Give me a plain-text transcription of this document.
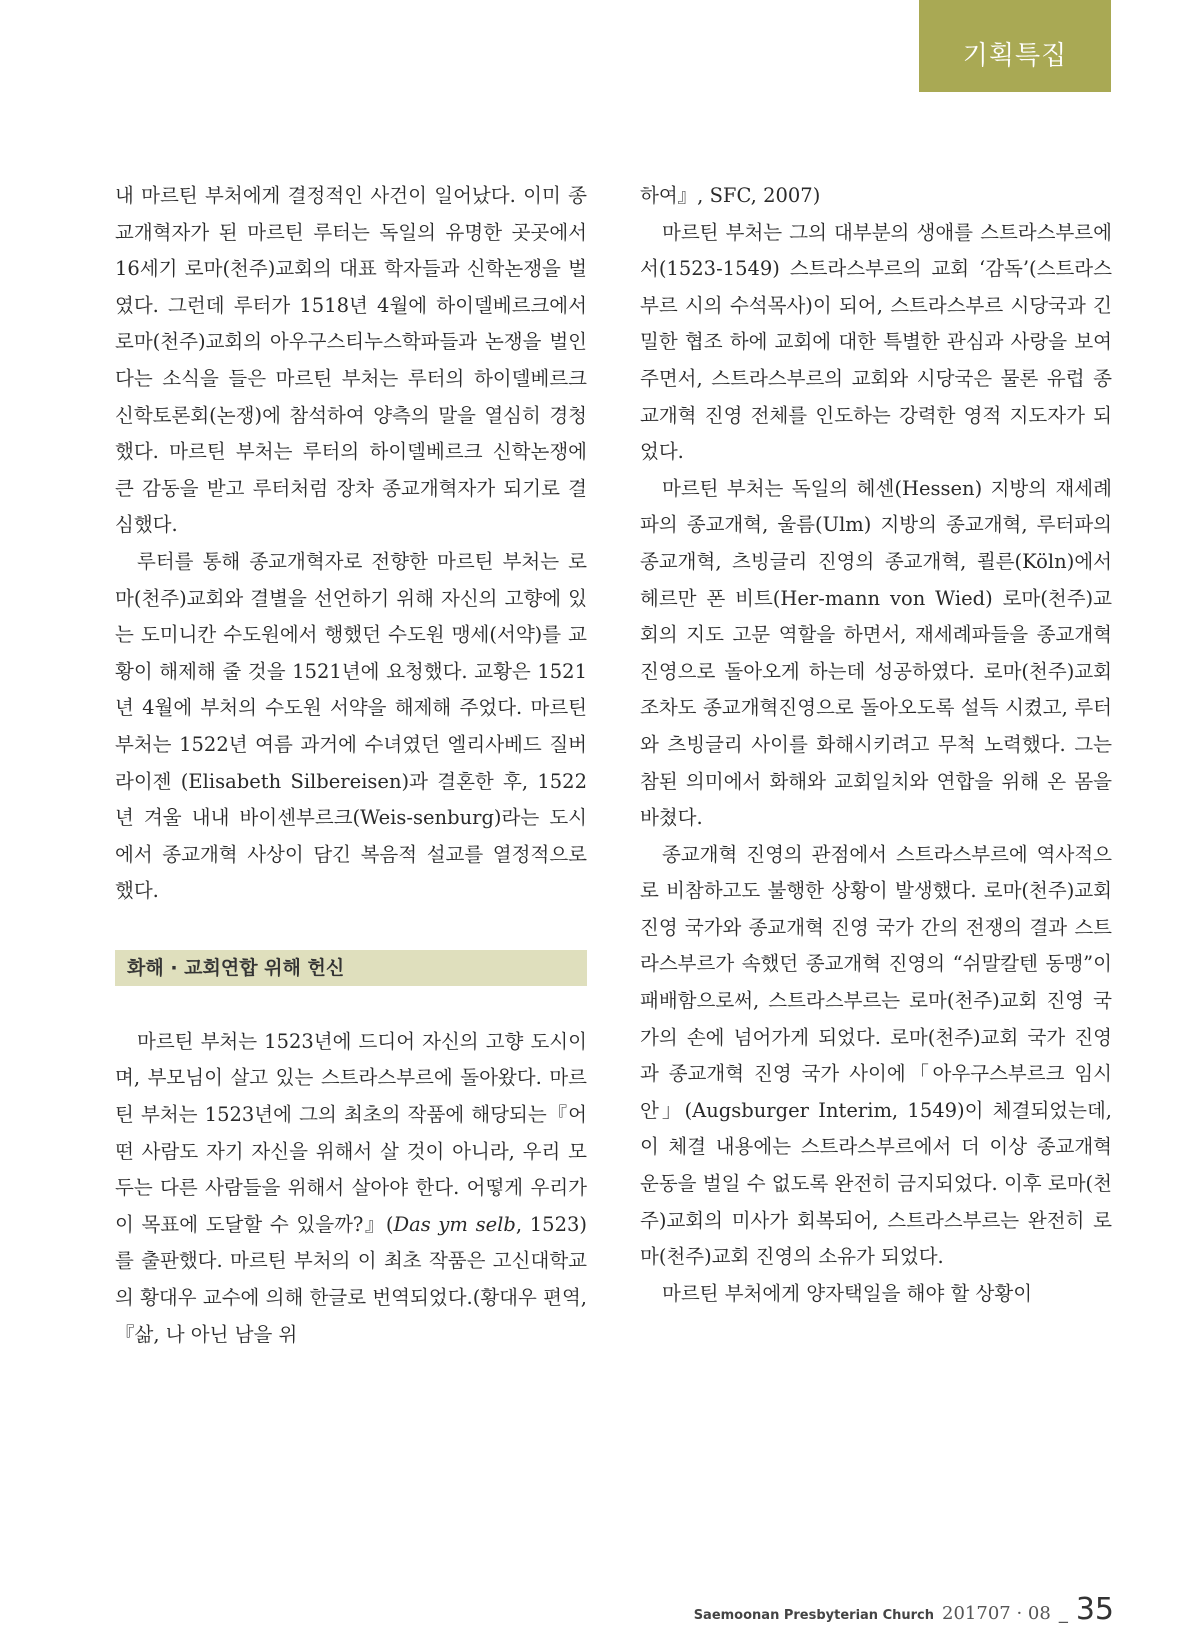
기획특집
내 마르틴 부처에게 결정적인 사건이 일어났다. 이미 종교개혁자가 된 마르틴 루터는 독일의 유명한 곳곳에서 16세기 로마(천주)교회의 대표 학자들과 신학논쟁을 벌였다. 그런데 루터가 1518년 4월에 하이델베르크에서 로마(천주)교회의 아우구스티누스학파들과 논쟁을 벌인다는 소식을 들은 마르틴 부처는 루터의 하이델베르크 신학토론회(논쟁)에 참석하여 양측의 말을 열심히 경청했다. 마르틴 부처는 루터의 하이델베르크 신학논쟁에 큰 감동을 받고 루터처럼 장차 종교개혁자가 되기로 결심했다.
루터를 통해 종교개혁자로 전향한 마르틴 부처는 로마(천주)교회와 결별을 선언하기 위해 자신의 고향에 있는 도미니칸 수도원에서 행했던 수도원 맹세(서약)를 교황이 해제해 줄 것을 1521년에 요청했다. 교황은 1521년 4월에 부처의 수도원 서약을 해제해 주었다. 마르틴 부처는 1522년 여름 과거에 수녀였던 엘리사베드 질버라이젠 (Elisabeth Silbereisen)과 결혼한 후, 1522년 겨울 내내 바이센부르크(Weis-senburg)라는 도시에서 종교개혁 사상이 담긴 복음적 설교를 열정적으로 했다.
화해 · 교회연합 위해 헌신
마르틴 부처는 1523년에 드디어 자신의 고향 도시이며, 부모님이 살고 있는 스트라스부르에 돌아왔다. 마르틴 부처는 1523년에 그의 최초의 작품에 해당되는『어떤 사람도 자기 자신을 위해서 살 것이 아니라, 우리 모두는 다른 사람들을 위해서 살아야 한다. 어떻게 우리가 이 목표에 도달할 수 있을까?』(Das ym selb, 1523)를 출판했다. 마르틴 부처의 이 최초 작품은 고신대학교의 황대우 교수에 의해 한글로 번역되었다.(황대우 편역,『삶, 나 아닌 남을 위
하여』, SFC, 2007)
마르틴 부처는 그의 대부분의 생애를 스트라스부르에서(1523-1549) 스트라스부르의 교회 ‘감독’(스트라스부르 시의 수석목사)이 되어, 스트라스부르 시당국과 긴밀한 협조 하에 교회에 대한 특별한 관심과 사랑을 보여 주면서, 스트라스부르의 교회와 시당국은 물론 유럽 종교개혁 진영 전체를 인도하는 강력한 영적 지도자가 되었다.
마르틴 부처는 독일의 헤센(Hessen) 지방의 재세례파의 종교개혁, 울름(Ulm) 지방의 종교개혁, 루터파의 종교개혁, 츠빙글리 진영의 종교개혁, 쾰른(Köln)에서 헤르만 폰 비트(Her-mann von Wied) 로마(천주)교회의 지도 고문 역할을 하면서, 재세례파들을 종교개혁 진영으로 돌아오게 하는데 성공하였다. 로마(천주)교회 조차도 종교개혁진영으로 돌아오도록 설득 시켰고, 루터와 츠빙글리 사이를 화해시키려고 무척 노력했다. 그는 참된 의미에서 화해와 교회일치와 연합을 위해 온 몸을 바쳤다.
종교개혁 진영의 관점에서 스트라스부르에 역사적으로 비참하고도 불행한 상황이 발생했다. 로마(천주)교회 진영 국가와 종교개혁 진영 국가 간의 전쟁의 결과 스트라스부르가 속했던 종교개혁 진영의 “쉬말칼텐 동맹”이 패배함으로써, 스트라스부르는 로마(천주)교회 진영 국가의 손에 넘어가게 되었다. 로마(천주)교회 국가 진영과 종교개혁 진영 국가 사이에「아우구스부르크 임시안」(Augsburger Interim, 1549)이 체결되었는데, 이 체결 내용에는 스트라스부르에서 더 이상 종교개혁 운동을 벌일 수 없도록 완전히 금지되었다. 이후 로마(천주)교회의 미사가 회복되어, 스트라스부르는 완전히 로마(천주)교회 진영의 소유가 되었다.
마르틴 부처에게 양자택일을 해야 할 상황이
Saemoonan Presbyterian Church 201707 · 08 _ 35
